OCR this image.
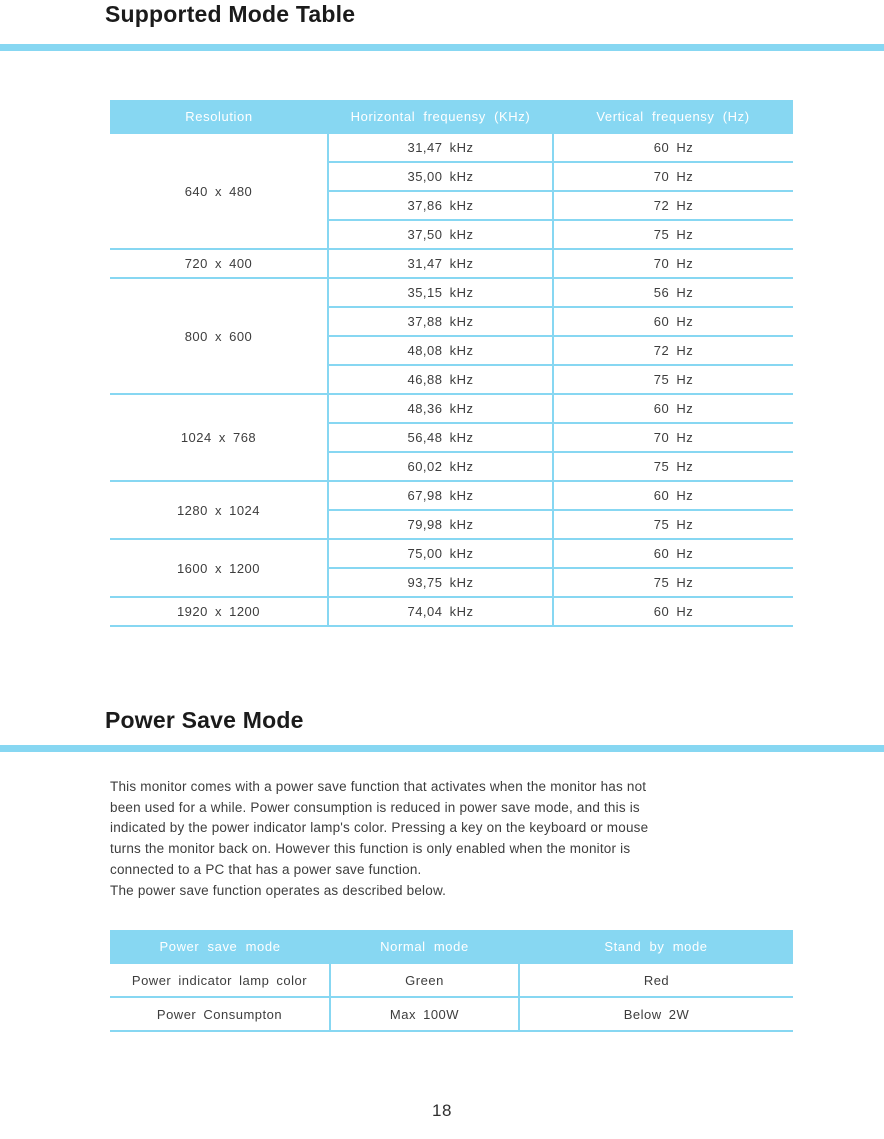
Supported Mode Table
Resolution	Horizontal frequensy (KHz)	Vertical frequensy (Hz)
640 x 480	31,47 kHz	60 Hz
	35,00 kHz	70 Hz
	37,86 kHz	72 Hz
	37,50 kHz	75 Hz
720 x 400	31,47 kHz	70 Hz
800 x 600	35,15 kHz	56 Hz
	37,88 kHz	60 Hz
	48,08 kHz	72 Hz
	46,88 kHz	75 Hz
1024 x 768	48,36 kHz	60 Hz
	56,48 kHz	70 Hz
	60,02 kHz	75 Hz
1280 x 1024	67,98 kHz	60 Hz
	79,98 kHz	75 Hz
1600 x 1200	75,00 kHz	60 Hz
	93,75 kHz	75 Hz
1920 x 1200	74,04 kHz	60 Hz
Power Save Mode
This monitor comes with a power save function that activates when the monitor has not
been used for a while. Power consumption is reduced in power save mode, and this is
indicated by the power indicator lamp's color. Pressing a key on the keyboard or mouse
turns the monitor back on. However this function is only enabled when the monitor is
connected to a PC that has a power save function.
The power save function operates as described below.
Power save mode	Normal mode	Stand by mode
Power indicator lamp color	Green	Red
Power Consumpton	Max 100W	Below 2W
18
